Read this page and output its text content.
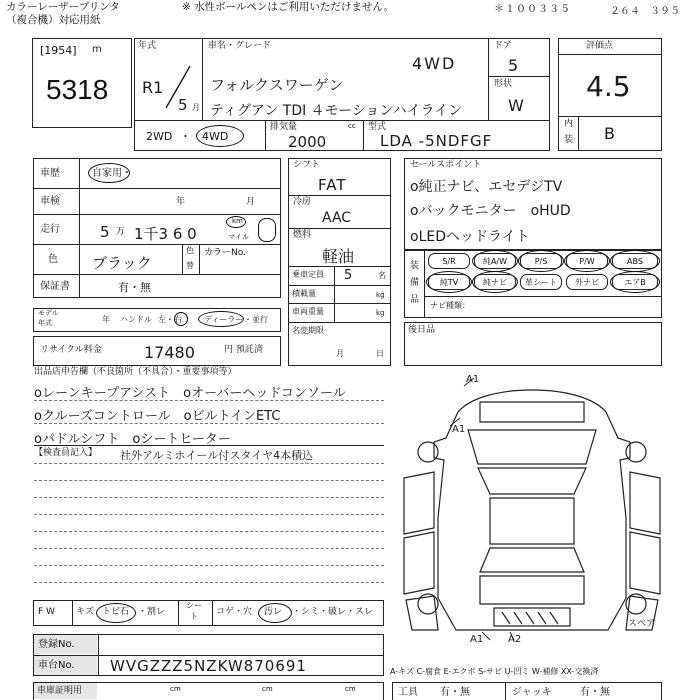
カラーレーザープリンタ
（複合機）対応用紙
※ 水性ボールペンはご利用いただけません。	＊１００３３５	２６４　３９５
[1954] m
5318
年式
R1
5 月
車名・グレード
4WD
フォルクスワーゲン
ティグアン TDI ４モーションハイライン
ドア
5
形状
W
2WD ・ 4WD
排気量	cc
2000
型式
LDA -5NDFGF
評価点
4.5
内
装 B
車歴	自家用・
車検	年	月
走行	5 万 1千3 6 0
km
マイル
色 ブラック
色
替
カラーNo.
保証書	有・無
モデル
年式	年 ハンドル 左・右	ディーラー ・並行
リサイクル料金	17480	円 預託済
シフト
FAT
冷房
AAC
燃料
軽油
乗車定員 5	名
積載量	kg
車両重量	kg
名変期限
月	日
セールスポイント
o純正ナビ、エセデジTV
oバックモニター　oHUD
oLEDヘッドライト
装
備
品
S/R	純A/W	P/S	P/W	ABS
純TV	純ナビ	革シート	外ナビ	エアB
ナビ種類：
後日品
出品店申告欄（不良箇所（不具合）・重要事項等）
oレーンキープアシスト　oオーバーヘッドコンソール
oクルーズコントロール　oビルトインETC
oパドルシフト　oシートヒーター
【検査員記入】 社外アルミホイール付スタイヤ4本積込
A1
A1
A1 A2
スペア
F W キズ トビ石 ・割レ
シー
ト コゲ・穴 汚レ ・シミ・破レ・スレ
登録No.
車台No.	WVGZZZ5NZKW870691	A-キズ C-腐食 E-エクボ S-サビ U-凹ミ W-補修 XX-交換済
車庫証明用	cm	cm	cm	工具 有・無	ジャッキ	有・無
